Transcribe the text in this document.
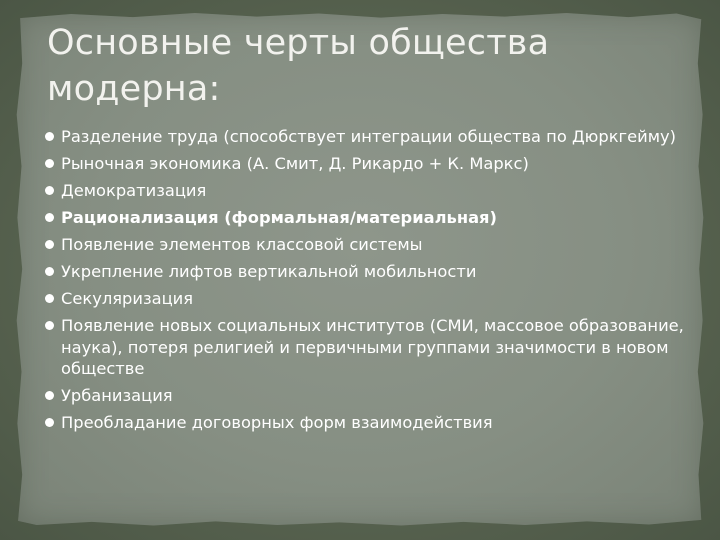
Основные черты общества
модерна:
Разделение труда (способствует интеграции общества по Дюркгейму)
Рыночная экономика (А. Смит, Д. Рикардо + К. Маркс)
Демократизация
Рационализация (формальная/материальная)
Появление элементов классовой системы
Укрепление лифтов вертикальной мобильности
Секуляризация
Появление новых социальных институтов (СМИ, массовое образование, наука), потеря религией и первичными группами значимости в новом обществе
Урбанизация
Преобладание договорных форм взаимодействия
